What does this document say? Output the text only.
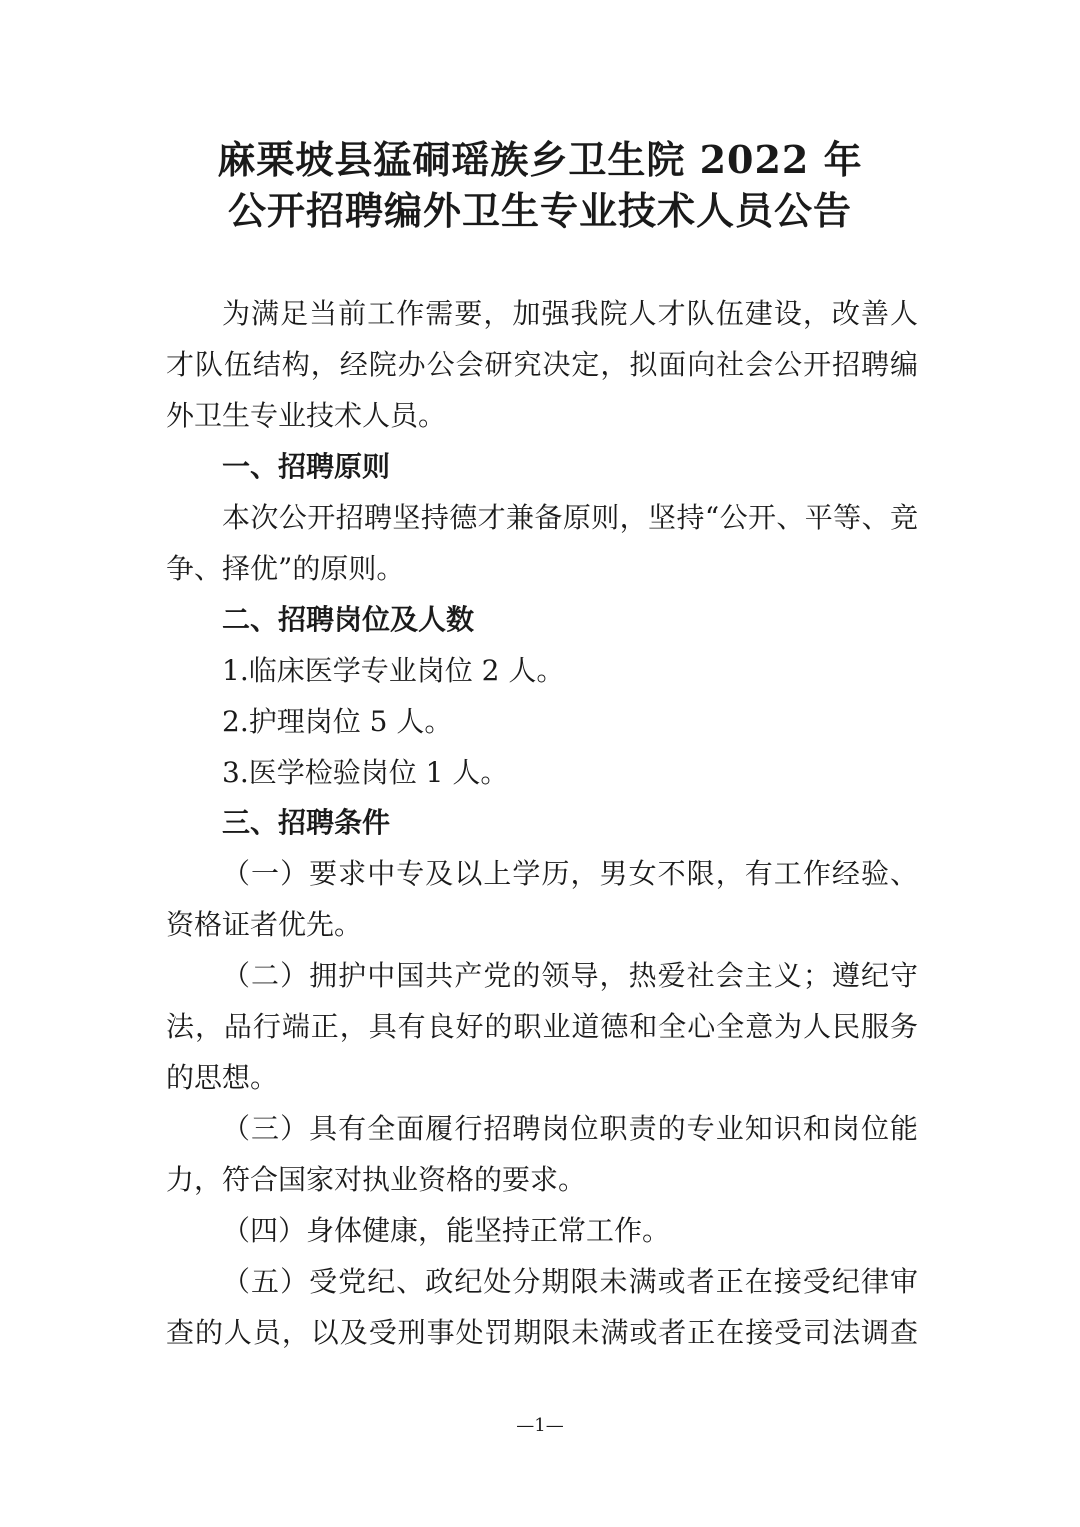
麻栗坡县猛硐瑶族乡卫生院 2022 年
公开招聘编外卫生专业技术人员公告
为满足当前工作需要，加强我院人才队伍建设，改善人
才队伍结构，经院办公会研究决定，拟面向社会公开招聘编
外卫生专业技术人员。
一、招聘原则
本次公开招聘坚持德才兼备原则，坚持“公开、平等、竞
争、择优”的原则。
二、招聘岗位及人数
1.临床医学专业岗位 2 人。
2.护理岗位 5 人。
3.医学检验岗位 1 人。
三、招聘条件
（一）要求中专及以上学历，男女不限，有工作经验、
资格证者优先。
（二）拥护中国共产党的领导，热爱社会主义；遵纪守
法，品行端正，具有良好的职业道德和全心全意为人民服务
的思想。
（三）具有全面履行招聘岗位职责的专业知识和岗位能
力，符合国家对执业资格的要求。
（四）身体健康，能坚持正常工作。
（五）受党纪、政纪处分期限未满或者正在接受纪律审
查的人员，以及受刑事处罚期限未满或者正在接受司法调查
—1—
